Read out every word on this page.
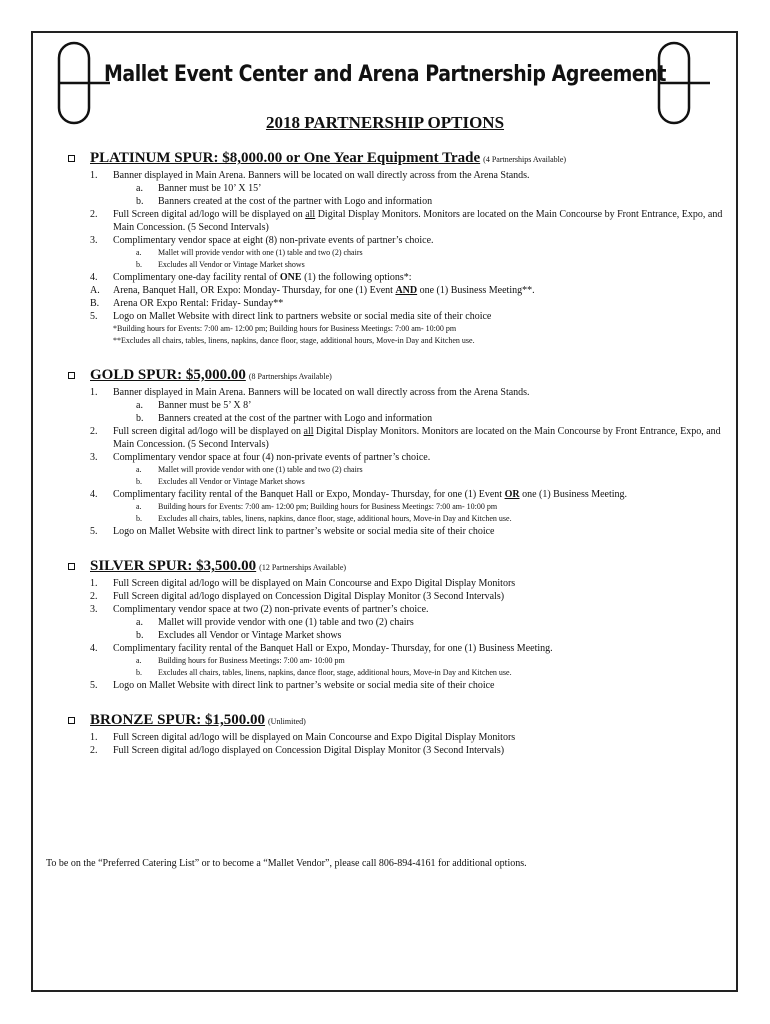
Mallet Event Center and Arena Partnership Agreement
2018 PARTNERSHIP OPTIONS
PLATINUM SPUR: $8,000.00 or One Year Equipment Trade (4 Partnerships Available)
1. Banner displayed in Main Arena. Banners will be located on wall directly across from the Arena Stands.
a. Banner must be 10’ X 15’
b. Banners created at the cost of the partner with Logo and information
2. Full Screen digital ad/logo will be displayed on all Digital Display Monitors. Monitors are located on the Main Concourse by Front Entrance, Expo, and Main Concession. (5 Second Intervals)
3. Complimentary vendor space at eight (8) non-private events of partner’s choice.
a. Mallet will provide vendor with one (1) table and two (2) chairs
b. Excludes all Vendor or Vintage Market shows
4. Complimentary one-day facility rental of ONE (1) the following options*:
A. Arena, Banquet Hall, OR Expo: Monday- Thursday, for one (1) Event AND one (1) Business Meeting**.
B. Arena OR Expo Rental: Friday- Sunday**
5. Logo on Mallet Website with direct link to partners website or social media site of their choice
*Building hours for Events: 7:00 am- 12:00 pm; Building hours for Business Meetings: 7:00 am- 10:00 pm
**Excludes all chairs, tables, linens, napkins, dance floor, stage, additional hours, Move-in Day and Kitchen use.
GOLD SPUR: $5,000.00 (8 Partnerships Available)
1. Banner displayed in Main Arena. Banners will be located on wall directly across from the Arena Stands.
a. Banner must be 5’ X 8’
b. Banners created at the cost of the partner with Logo and information
2. Full screen digital ad/logo will be displayed on all Digital Display Monitors. Monitors are located on the Main Concourse by Front Entrance, Expo, and Main Concession. (5 Second Intervals)
3. Complimentary vendor space at four (4) non-private events of partner’s choice.
a. Mallet will provide vendor with one (1) table and two (2) chairs
b. Excludes all Vendor or Vintage Market shows
4. Complimentary facility rental of the Banquet Hall or Expo, Monday- Thursday, for one (1) Event OR one (1) Business Meeting.
a. Building hours for Events: 7:00 am- 12:00 pm; Building hours for Business Meetings: 7:00 am- 10:00 pm
b. Excludes all chairs, tables, linens, napkins, dance floor, stage, additional hours, Move-in Day and Kitchen use.
5. Logo on Mallet Website with direct link to partner’s website or social media site of their choice
SILVER SPUR: $3,500.00 (12 Partnerships Available)
1. Full Screen digital ad/logo will be displayed on Main Concourse and Expo Digital Display Monitors
2. Full Screen digital ad/logo displayed on Concession Digital Display Monitor (3 Second Intervals)
3. Complimentary vendor space at two (2) non-private events of partner’s choice.
a. Mallet will provide vendor with one (1) table and two (2) chairs
b. Excludes all Vendor or Vintage Market shows
4. Complimentary facility rental of the Banquet Hall or Expo, Monday- Thursday, for one (1) Business Meeting.
a. Building hours for Business Meetings: 7:00 am- 10:00 pm
b. Excludes all chairs, tables, linens, napkins, dance floor, stage, additional hours, Move-in Day and Kitchen use.
5. Logo on Mallet Website with direct link to partner’s website or social media site of their choice
BRONZE SPUR: $1,500.00 (Unlimited)
1. Full Screen digital ad/logo will be displayed on Main Concourse and Expo Digital Display Monitors
2. Full Screen digital ad/logo displayed on Concession Digital Display Monitor (3 Second Intervals)
To be on the “Preferred Catering List” or to become a “Mallet Vendor”, please call 806-894-4161 for additional options.
